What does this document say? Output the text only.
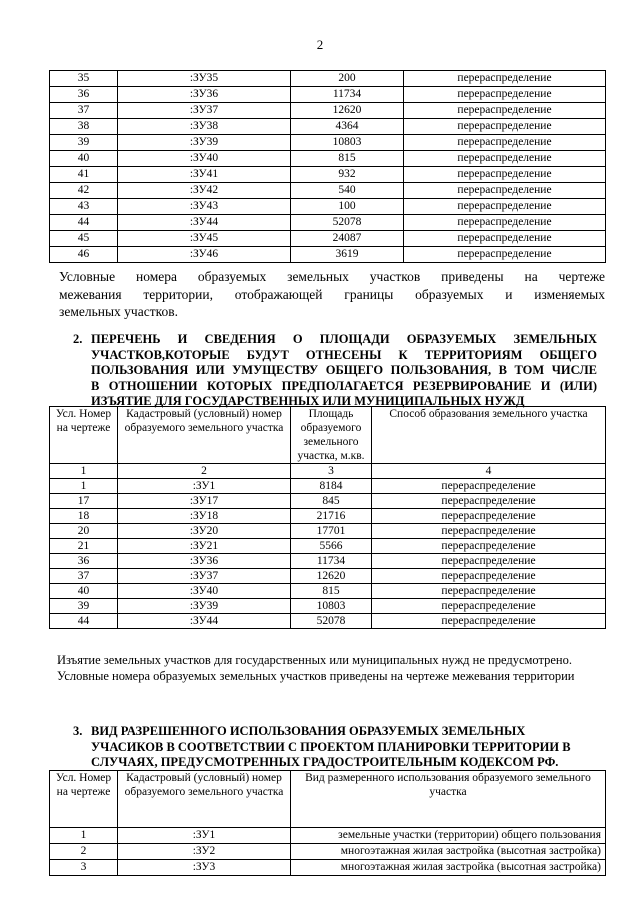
2
35	:ЗУ35	200	перераспределение
36	:ЗУ36	11734	перераспределение
37	:ЗУ37	12620	перераспределение
38	:ЗУ38	4364	перераспределение
39	:ЗУ39	10803	перераспределение
40	:ЗУ40	815	перераспределение
41	:ЗУ41	932	перераспределение
42	:ЗУ42	540	перераспределение
43	:ЗУ43	100	перераспределение
44	:ЗУ44	52078	перераспределение
45	:ЗУ45	24087	перераспределение
46	:ЗУ46	3619	перераспределение
Условные номера образуемых земельных участков приведены на чертеже
межевания территории, отображающей границы образуемых и изменяемых
земельных участков.
2. ПЕРЕЧЕНЬ И СВЕДЕНИЯ О ПЛОЩАДИ ОБРАЗУЕМЫХ ЗЕМЕЛЬНЫХ
УЧАСТКОВ,КОТОРЫЕ БУДУТ ОТНЕСЕНЫ К ТЕРРИТОРИЯМ ОБЩЕГО
ПОЛЬЗОВАНИЯ ИЛИ УМУЩЕСТВУ ОБЩЕГО ПОЛЬЗОВАНИЯ, В ТОМ ЧИСЛЕ
В ОТНОШЕНИИ КОТОРЫХ ПРЕДПОЛАГАЕТСЯ РЕЗЕРВИРОВАНИЕ И (ИЛИ)
ИЗЪЯТИЕ ДЛЯ ГОСУДАРСТВЕННЫХ ИЛИ МУНИЦИПАЛЬНЫХ НУЖД
Усл. Номер на чертеже	Кадастровый (условный) номер образуемого земельного участка	Площадь образуемого земельного участка, м.кв.	Способ образования земельного участка
1	2	3	4
1	:ЗУ1	8184	перераспределение
17	:ЗУ17	845	перераспределение
18	:ЗУ18	21716	перераспределение
20	:ЗУ20	17701	перераспределение
21	:ЗУ21	5566	перераспределение
36	:ЗУ36	11734	перераспределение
37	:ЗУ37	12620	перераспределение
40	:ЗУ40	815	перераспределение
39	:ЗУ39	10803	перераспределение
44	:ЗУ44	52078	перераспределение
Изъятие земельных участков для государственных или муниципальных нужд не предусмотрено.
Условные номера образуемых земельных участков приведены на чертеже межевания территории
3. ВИД РАЗРЕШЕННОГО ИСПОЛЬЗОВАНИЯ ОБРАЗУЕМЫХ ЗЕМЕЛЬНЫХ
УЧАСИКОВ В СООТВЕТСТВИИ С ПРОЕКТОМ ПЛАНИРОВКИ ТЕРРИТОРИИ В
СЛУЧАЯХ, ПРЕДУСМОТРЕННЫХ ГРАДОСТРОИТЕЛЬНЫМ КОДЕКСОМ РФ.
Усл. Номер на чертеже	Кадастровый (условный) номер образуемого земельного участка	Вид размеренного использования образуемого земельного участка
1	:ЗУ1	земельные участки (территории) общего пользования
2	:ЗУ2	многоэтажная жилая застройка (высотная застройка)
3	:ЗУ3	многоэтажная жилая застройка (высотная застройка)
